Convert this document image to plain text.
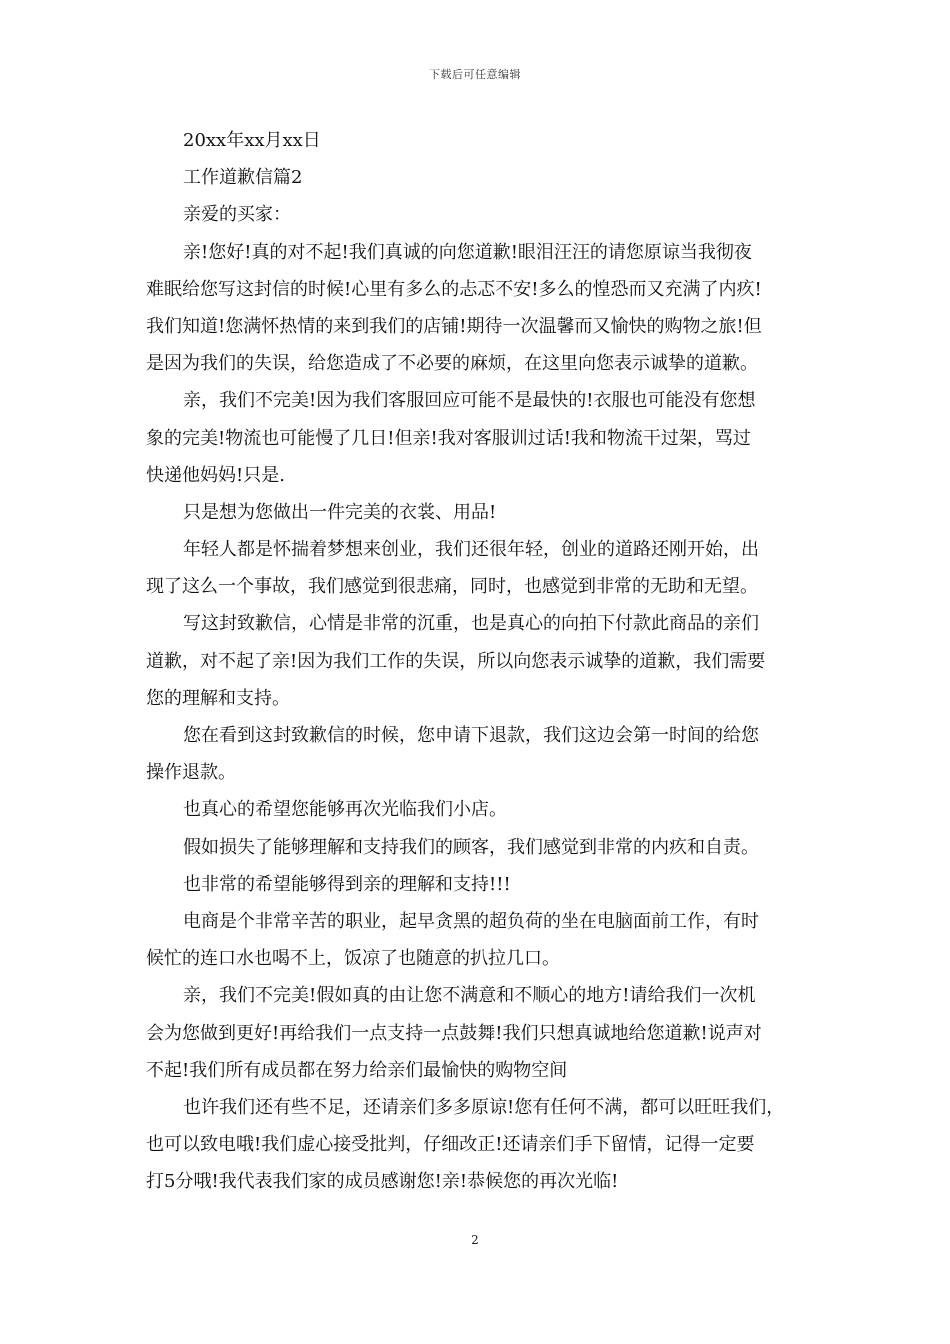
下载后可任意编辑
20xx年xx月xx日
工作道歉信篇2
亲爱的买家：
亲!您好!真的对不起!我们真诚的向您道歉!眼泪汪汪的请您原谅当我彻夜
难眠给您写这封信的时候!心里有多么的忐忑不安!多么的惶恐而又充满了内疚!
我们知道!您满怀热情的来到我们的店铺!期待一次温馨而又愉快的购物之旅!但
是因为我们的失误，给您造成了不必要的麻烦，在这里向您表示诚挚的道歉。
亲，我们不完美!因为我们客服回应可能不是最快的!衣服也可能没有您想
象的完美!物流也可能慢了几日!但亲!我对客服训过话!我和物流干过架，骂过
快递他妈妈!只是.
只是想为您做出一件完美的衣裳、用品!
年轻人都是怀揣着梦想来创业，我们还很年轻，创业的道路还刚开始，出
现了这么一个事故，我们感觉到很悲痛，同时，也感觉到非常的无助和无望。
写这封致歉信，心情是非常的沉重，也是真心的向拍下付款此商品的亲们
道歉，对不起了亲!因为我们工作的失误，所以向您表示诚挚的道歉，我们需要
您的理解和支持。
您在看到这封致歉信的时候，您申请下退款，我们这边会第一时间的给您
操作退款。
也真心的希望您能够再次光临我们小店。
假如损失了能够理解和支持我们的顾客，我们感觉到非常的内疚和自责。
也非常的希望能够得到亲的理解和支持!!!
电商是个非常辛苦的职业，起早贪黑的超负荷的坐在电脑面前工作，有时
候忙的连口水也喝不上，饭凉了也随意的扒拉几口。
亲，我们不完美!假如真的由让您不满意和不顺心的地方!请给我们一次机
会为您做到更好!再给我们一点支持一点鼓舞!我们只想真诚地给您道歉!说声对
不起!我们所有成员都在努力给亲们最愉快的购物空间
也许我们还有些不足，还请亲们多多原谅!您有任何不满，都可以旺旺我们，
也可以致电哦!我们虚心接受批判，仔细改正!还请亲们手下留情，记得一定要
打5分哦!我代表我们家的成员感谢您!亲!恭候您的再次光临!
2
